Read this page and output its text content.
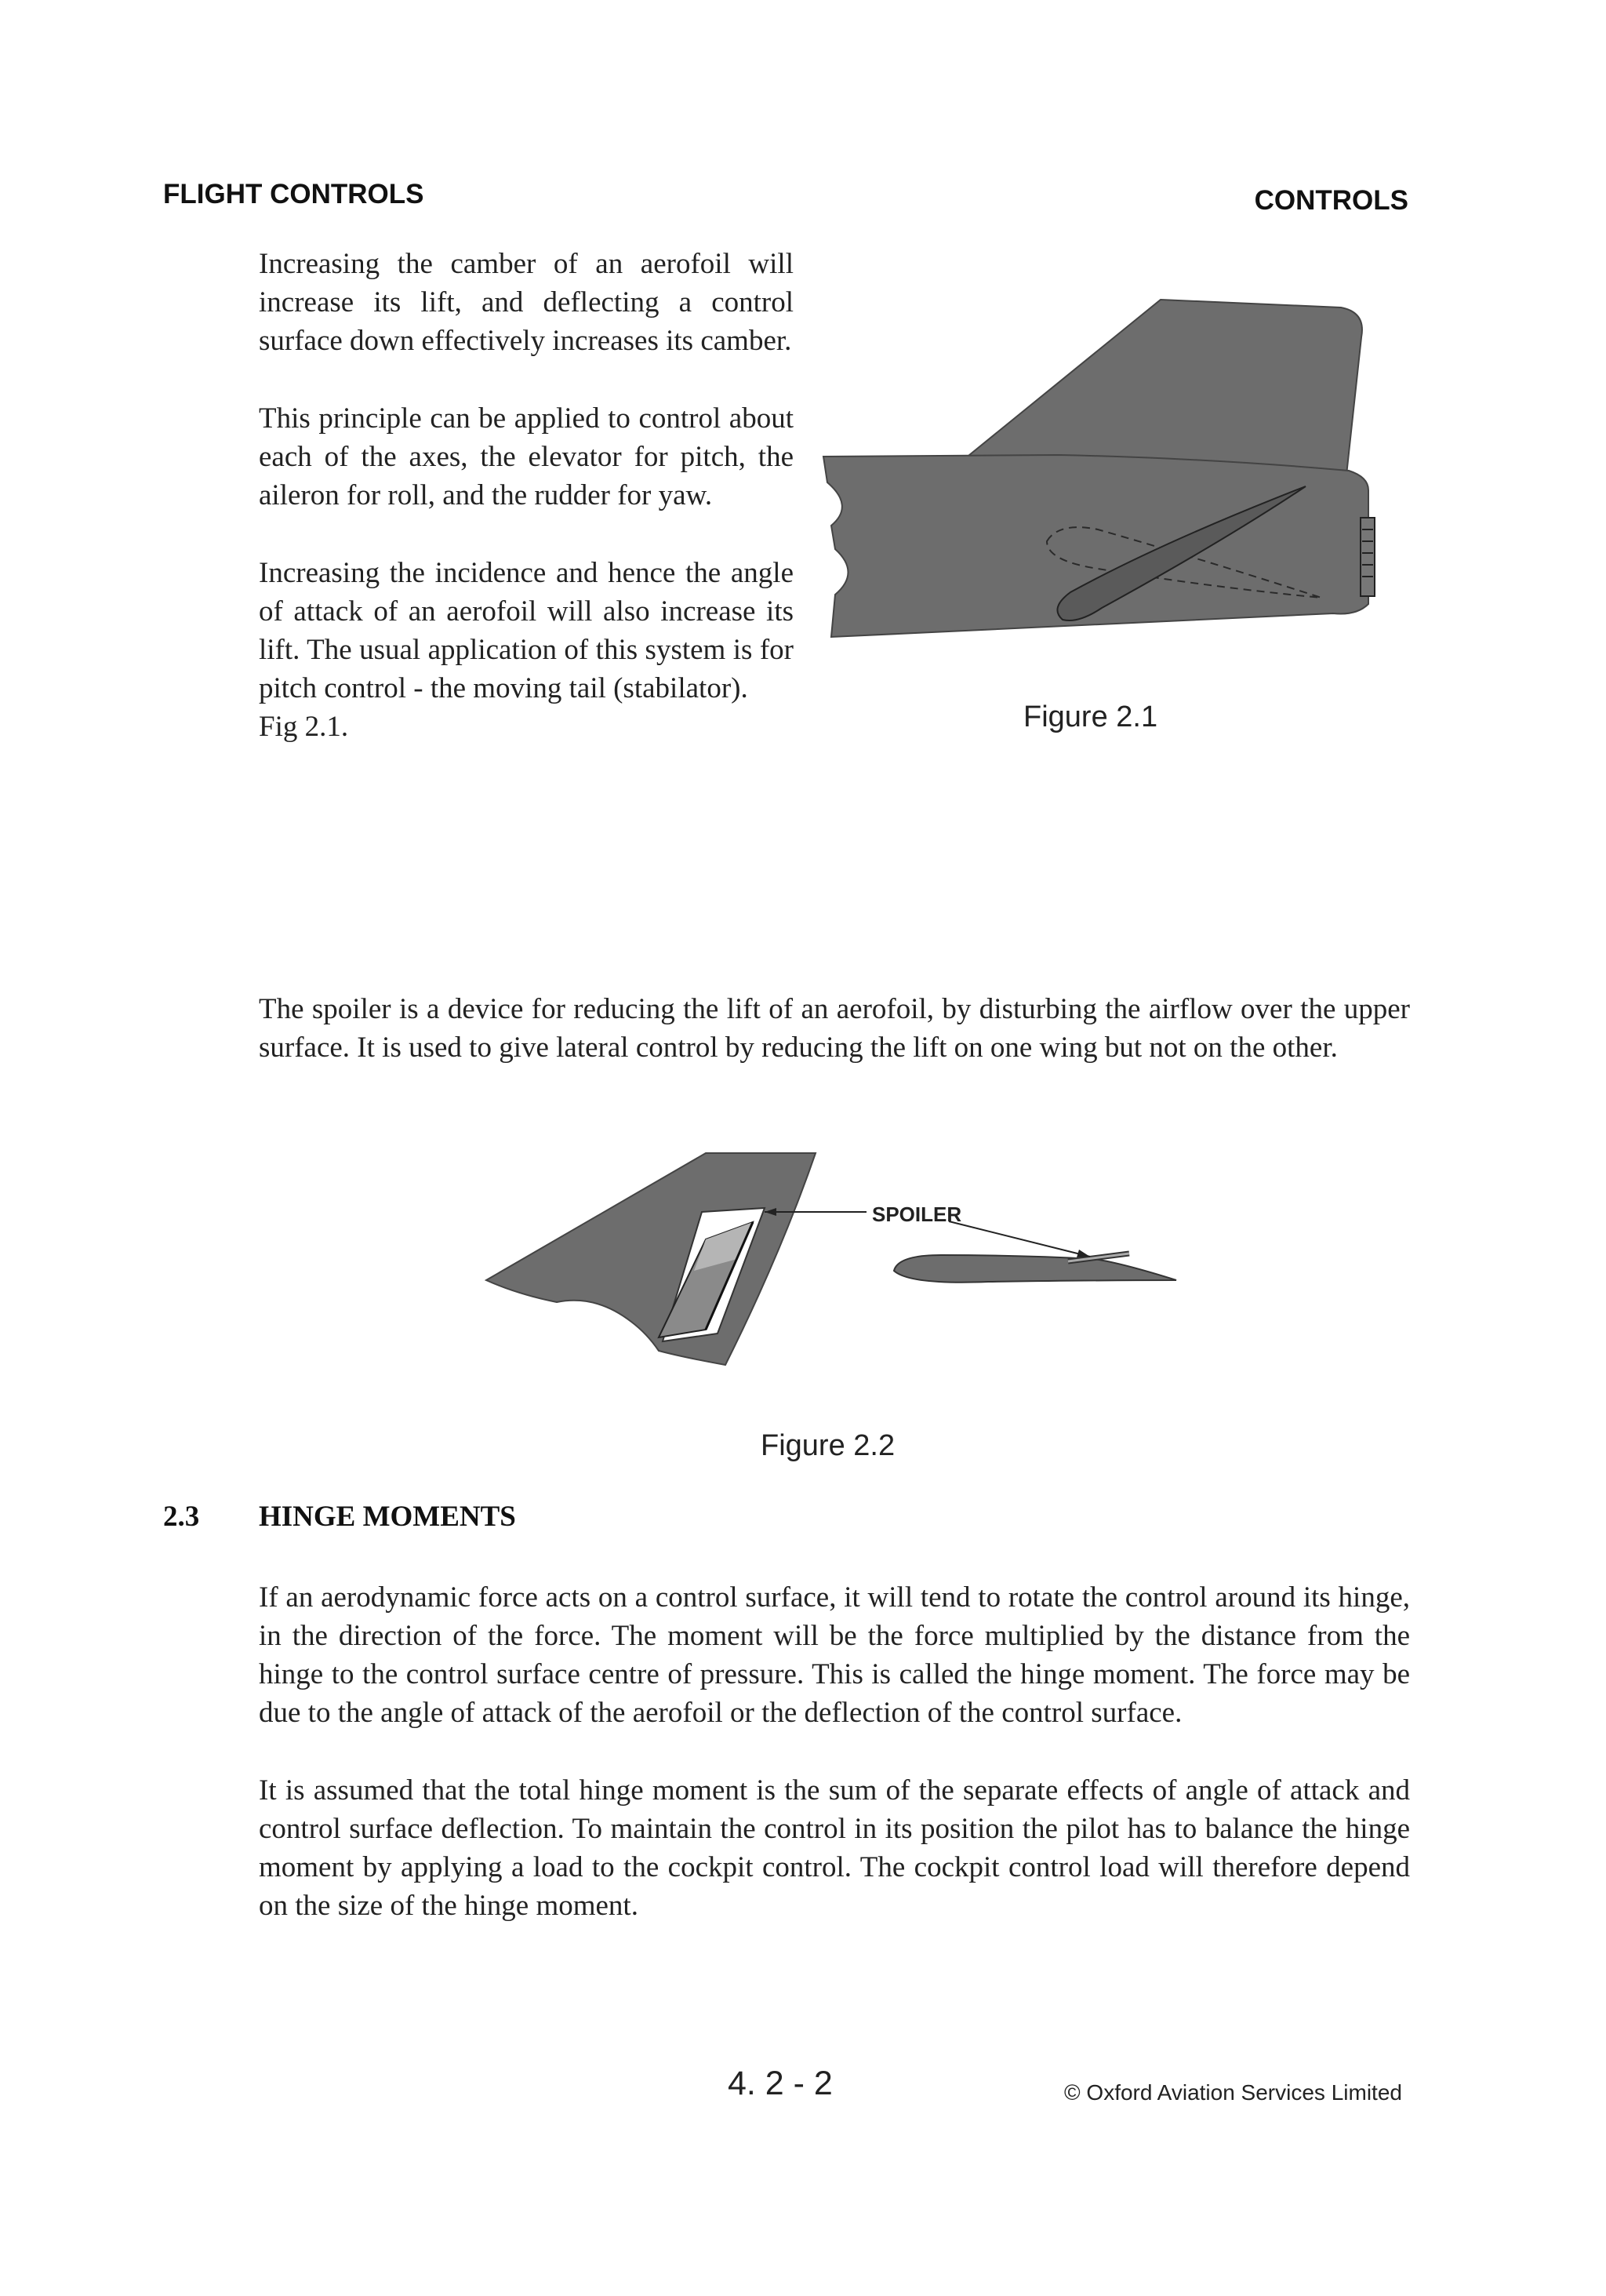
FLIGHT CONTROLS	CONTROLS

Increasing the camber of an aerofoil will increase its lift, and deflecting a control surface down effectively increases its camber.

This principle can be applied to control about each of the axes, the elevator for pitch, the aileron for roll, and the rudder for yaw.

Increasing the incidence and hence the angle of attack of an aerofoil will also increase its lift. The usual application of this system is for pitch control - the moving tail (stabilator).

Fig 2.1.	Figure 2.1
The spoiler is a device for reducing the lift of an aerofoil, by disturbing the airflow over the upper surface. It is used to give lateral control by reducing the lift on one wing but not on the other.
SPOILER
Figure 2.2
2.3 HINGE MOMENTS

If an aerodynamic force acts on a control surface, it will tend to rotate the control around its hinge, in the direction of the force. The moment will be the force multiplied by the distance from the hinge to the control surface centre of pressure. This is called the hinge moment. The force may be due to the angle of attack of the aerofoil or the deflection of the control surface.

It is assumed that the total hinge moment is the sum of the separate effects of angle of attack and control surface deflection. To maintain the control in its position the pilot has to balance the hinge moment by applying a load to the cockpit control. The cockpit control load will therefore depend on the size of the hinge moment.

4. 2 - 2	© Oxford Aviation Services Limited
